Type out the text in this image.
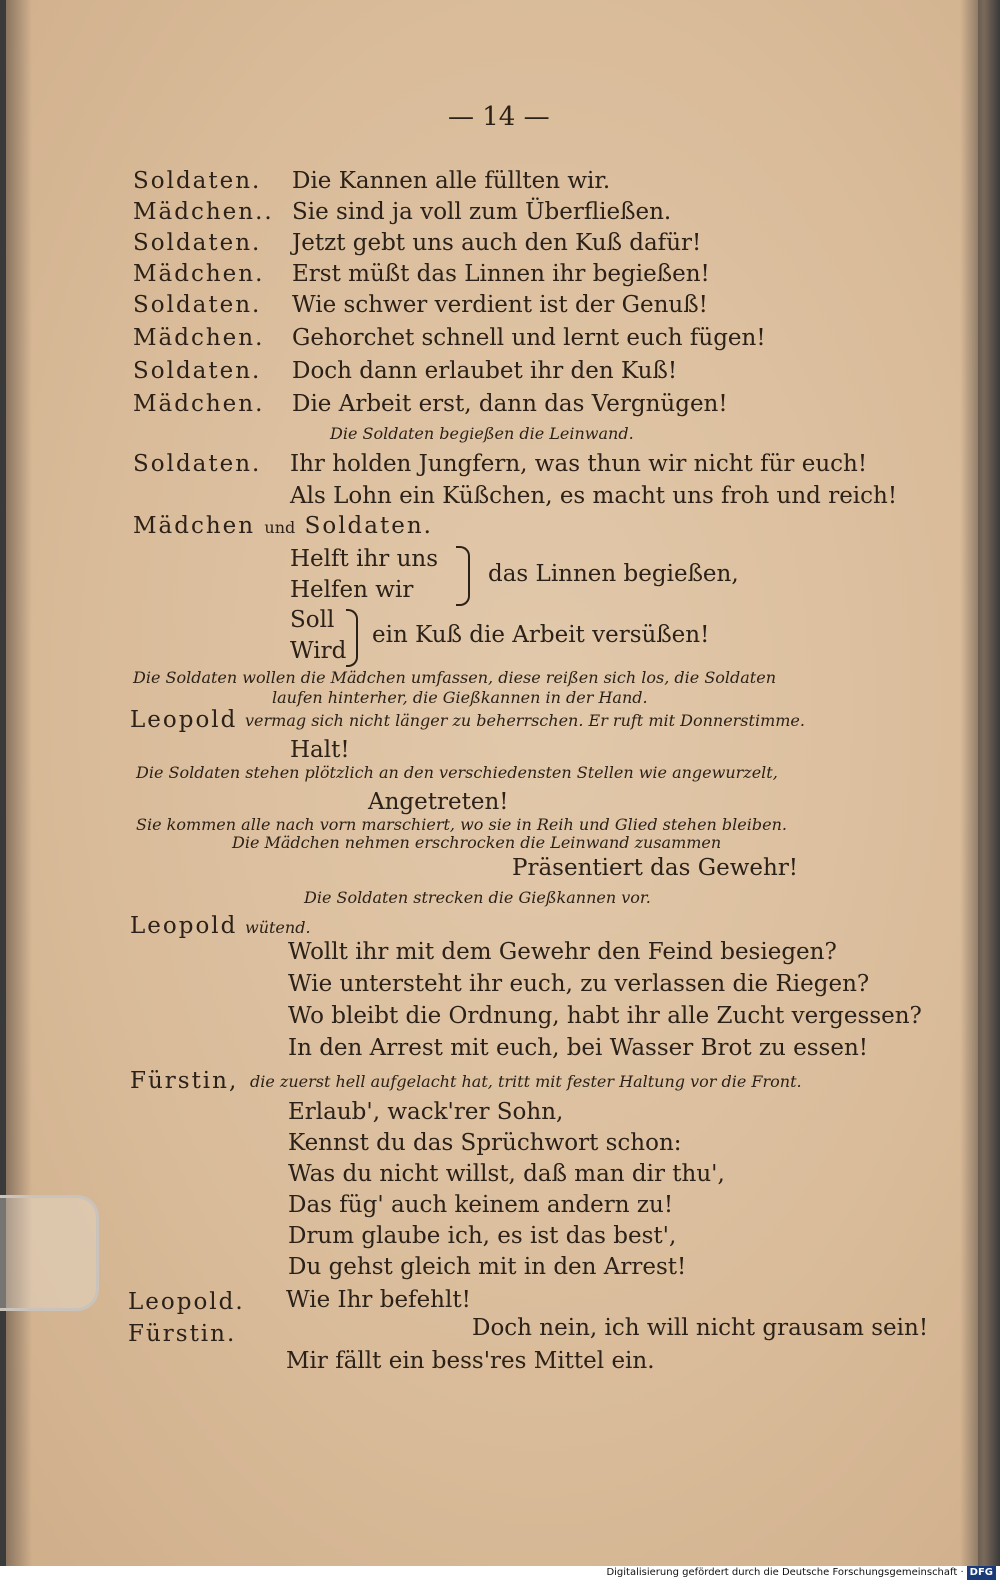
— 14 —
Soldaten. Die Kannen alle füllten wir.
Mädchen.. Sie sind ja voll zum Überfließen.
Soldaten. Jetzt gebt uns auch den Kuß dafür!
Mädchen. Erst müßt das Linnen ihr begießen!
Soldaten. Wie schwer verdient ist der Genuß!
Mädchen. Gehorchet schnell und lernt euch fügen!
Soldaten. Doch dann erlaubet ihr den Kuß!
Mädchen. Die Arbeit erst, dann das Vergnügen!
Die Soldaten begießen die Leinwand.
Soldaten. Ihr holden Jungfern, was thun wir nicht für euch!
Als Lohn ein Küßchen, es macht uns froh und reich!
Mädchen und Soldaten.
Helft ihr uns
Helfen wir
das Linnen begießen,
Soll
Wird
ein Kuß die Arbeit versüßen!
Die Soldaten wollen die Mädchen umfassen, diese reißen sich los, die Soldaten
laufen hinterher, die Gießkannen in der Hand.
Leopold vermag sich nicht länger zu beherrschen. Er ruft mit Donnerstimme.
Halt!
Die Soldaten stehen plötzlich an den verschiedensten Stellen wie angewurzelt,
Angetreten!
Sie kommen alle nach vorn marschiert, wo sie in Reih und Glied stehen bleiben.
Die Mädchen nehmen erschrocken die Leinwand zusammen
Präsentiert das Gewehr!
Die Soldaten strecken die Gießkannen vor.
Leopold wütend.
Wollt ihr mit dem Gewehr den Feind besiegen?
Wie untersteht ihr euch, zu verlassen die Riegen?
Wo bleibt die Ordnung, habt ihr alle Zucht vergessen?
In den Arrest mit euch, bei Wasser Brot zu essen!
Fürstin, die zuerst hell aufgelacht hat, tritt mit fester Haltung vor die Front.
Erlaub', wack'rer Sohn,
Kennst du das Sprüchwort schon:
Was du nicht willst, daß man dir thu',
Das füg' auch keinem andern zu!
Drum glaube ich, es ist das best',
Du gehst gleich mit in den Arrest!
Leopold. Wie Ihr befehlt!
Fürstin.	Doch nein, ich will nicht grausam sein!
Mir fällt ein bess'res Mittel ein.
Digitalisierung gefördert durch die Deutsche Forschungsgemeinschaft · DFG
